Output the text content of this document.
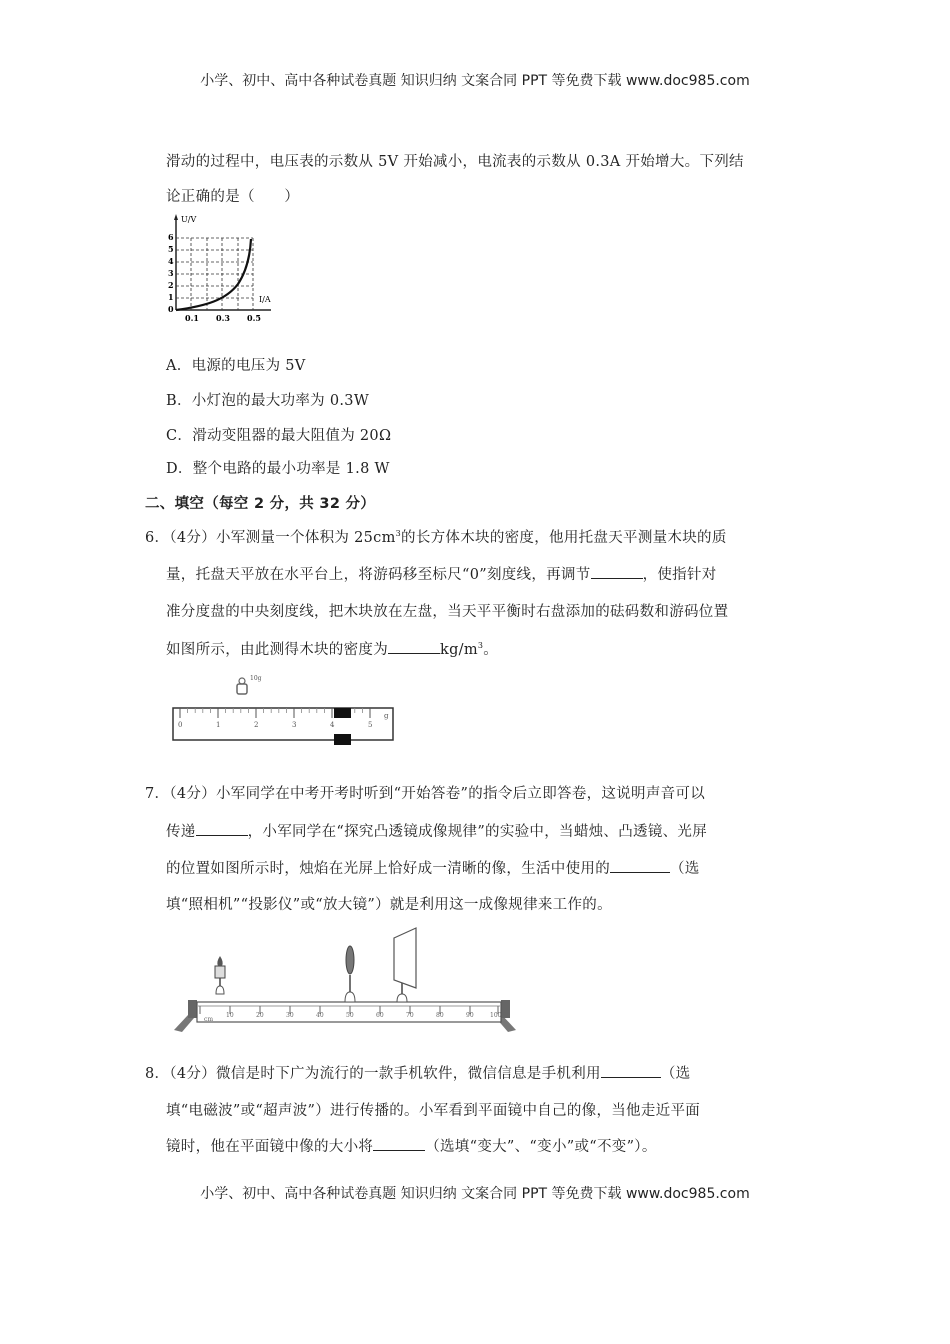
小学、初中、高中各种试卷真题 知识归纳 文案合同 PPT 等免费下载 www.doc985.com
滑动的过程中，电压表的示数从 5V 开始减小，电流表的示数从 0.3A 开始增大。下列结
论正确的是（　　）
U/V
I/A
0
1
2
3
4
5
6
0.1 0.3 0.5
A．电源的电压为 5V
B．小灯泡的最大功率为 0.3W
C．滑动变阻器的最大阻值为 20Ω
D．整个电路的最小功率是 1.8 W
二、填空（每空 2 分，共 32 分）
6．（4分）小军测量一个体积为 $25cm^3$的长方体木块的密度，他用托盘天平测量木块的质
量，托盘天平放在水平台上，将游码移至标尺“0”刻度线，再调节	，使指针对
准分度盘的中央刻度线，把木块放在左盘，当天平平衡时右盘添加的砝码数和游码位置
如图所示，由此测得木块的密度为	$kg/m^3$。
10g
0	1	2	3	4	5
g
7．（4分）小军同学在中考开考时听到“开始答卷”的指令后立即答卷，这说明声音可以
传递	，小军同学在“探究凸透镜成像规律”的实验中，当蜡烛、凸透镜、光屏
的位置如图所示时，烛焰在光屏上恰好成一清晰的像，生活中使用的	（选
填“照相机”“投影仪”或“放大镜”）就是利用这一成像规律来工作的。
10	20	30	40	50	60	70	80	90	100
cm
8．（4分）微信是时下广为流行的一款手机软件，微信信息是手机利用	（选
填“电磁波”或“超声波”）进行传播的。小军看到平面镜中自己的像，当他走近平面
镜时，他在平面镜中像的大小将	（选填“变大”、“变小”或“不变”）。
小学、初中、高中各种试卷真题 知识归纳 文案合同 PPT 等免费下载 www.doc985.com
